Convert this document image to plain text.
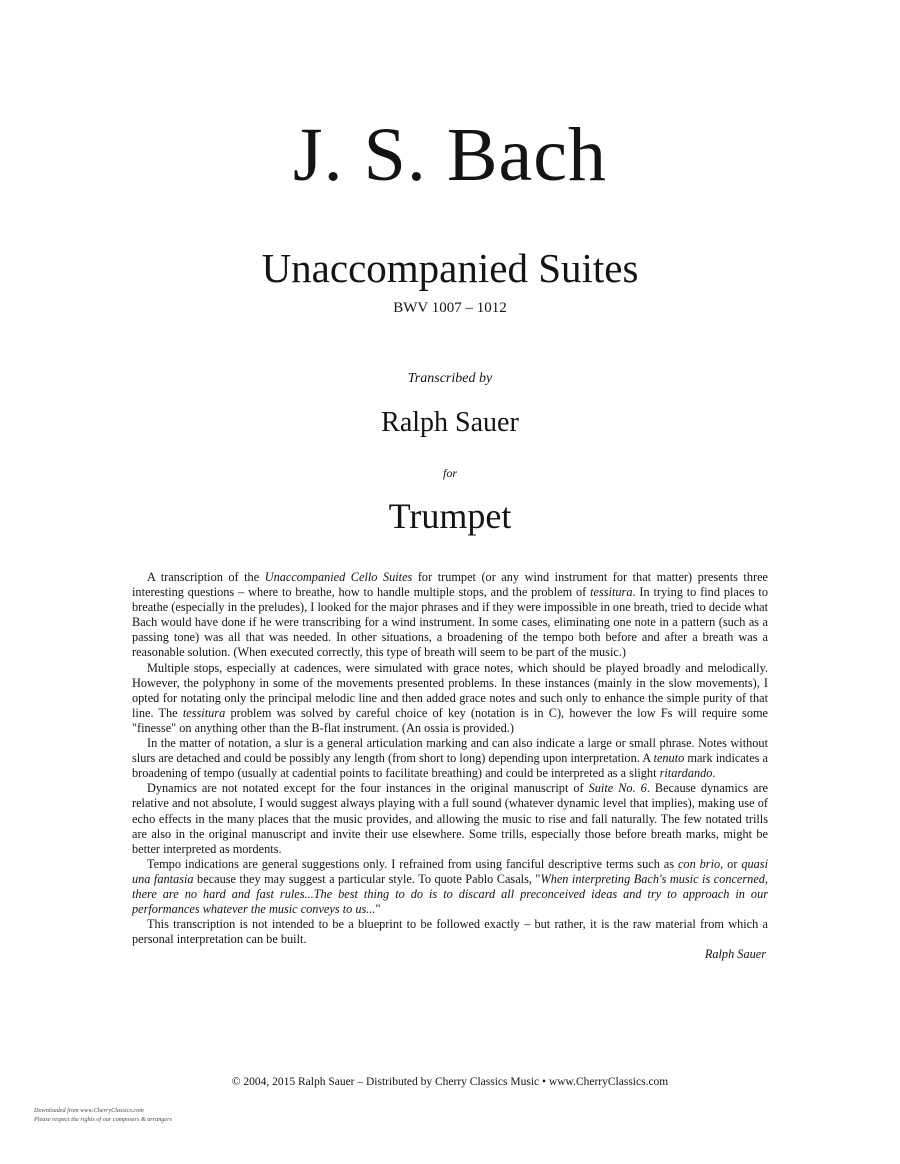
J. S. Bach
Unaccompanied Suites
BWV 1007 – 1012
Transcribed by
Ralph Sauer
for
Trumpet

A transcription of the Unaccompanied Cello Suites for trumpet (or any wind instrument for that matter) presents three interesting questions – where to breathe, how to handle multiple stops, and the problem of tessitura. In trying to find places to breathe (especially in the preludes), I looked for the major phrases and if they were impossible in one breath, tried to decide what Bach would have done if he were transcribing for a wind instrument. In some cases, eliminating one note in a pattern (such as a passing tone) was all that was needed. In other situations, a broadening of the tempo both before and after a breath was a reasonable solution. (When executed correctly, this type of breath will seem to be part of the music.)

Multiple stops, especially at cadences, were simulated with grace notes, which should be played broadly and melodically. However, the polyphony in some of the movements presented problems. In these instances (mainly in the slow movements), I opted for notating only the principal melodic line and then added grace notes and such only to enhance the simple purity of that line. The tessitura problem was solved by careful choice of key (notation is in C), however the low Fs will require some "finesse" on anything other than the B-flat instrument. (An ossia is provided.)

In the matter of notation, a slur is a general articulation marking and can also indicate a large or small phrase. Notes without slurs are detached and could be possibly any length (from short to long) depending upon interpretation. A tenuto mark indicates a broadening of tempo (usually at cadential points to facilitate breathing) and could be interpreted as a slight ritardando.

Dynamics are not notated except for the four instances in the original manuscript of Suite No. 6. Because dynamics are relative and not absolute, I would suggest always playing with a full sound (whatever dynamic level that implies), making use of echo effects in the many places that the music provides, and allowing the music to rise and fall naturally. The few notated trills are also in the original manuscript and invite their use elsewhere. Some trills, especially those before breath marks, might be better interpreted as mordents.

Tempo indications are general suggestions only. I refrained from using fanciful descriptive terms such as con brio, or quasi una fantasia because they may suggest a particular style. To quote Pablo Casals, "When interpreting Bach's music is concerned, there are no hard and fast rules...The best thing to do is to discard all preconceived ideas and try to approach in our performances whatever the music conveys to us..."

This transcription is not intended to be a blueprint to be followed exactly – but rather, it is the raw material from which a personal interpretation can be built.

Ralph Sauer
© 2004, 2015 Ralph Sauer – Distributed by Cherry Classics Music • www.CherryClassics.com
Downloaded from www.CherryClassics.com
Please respect the rights of our composers & arrangers
